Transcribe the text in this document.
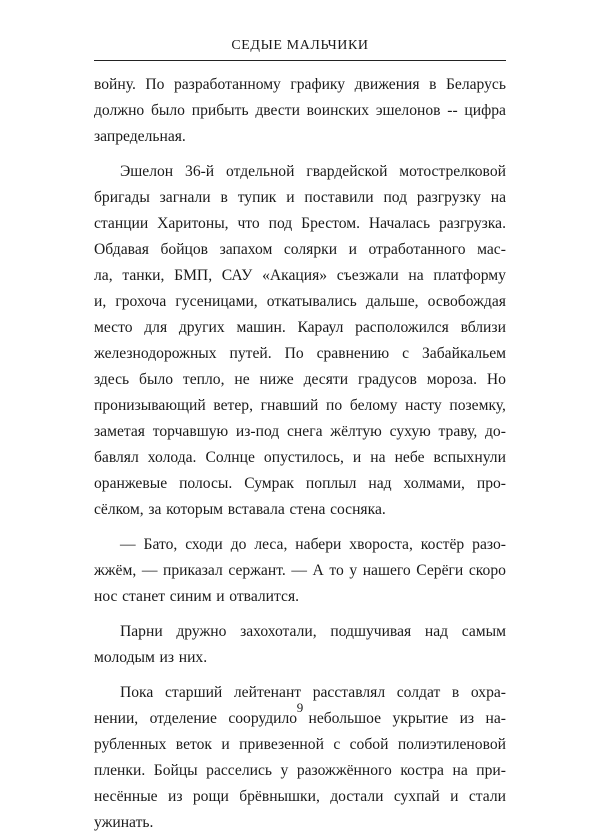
СЕДЫЕ МАЛЬЧИКИ
войну. По разработанному графику движения в Беларусь
должно было прибыть двести воинских эшелонов -- цифра
запредельная.
Эшелон 36-й отдельной гвардейской мотострелковой
бригады загнали в тупик и поставили под разгрузку на
станции Харитоны, что под Брестом. Началась разгрузка.
Обдавая бойцов запахом солярки и отработанного мас-
ла, танки, БМП, САУ «Акация» съезжали на платформу
и, грохоча гусеницами, откатывались дальше, освобождая
место для других машин. Караул расположился вблизи
железнодорожных путей. По сравнению с Забайкальем
здесь было тепло, не ниже десяти градусов мороза. Но
пронизывающий ветер, гнавший по белому насту поземку,
заметая торчавшую из-под снега жёлтую сухую траву, до-
бавлял холода. Солнце опустилось, и на небе вспыхнули
оранжевые полосы. Сумрак поплыл над холмами, про-
сёлком, за которым вставала стена сосняка.
— Бато, сходи до леса, набери хвороста, костёр разо-
жжём, — приказал сержант. — А то у нашего Серёги скоро
нос станет синим и отвалится.
Парни дружно захохотали, подшучивая над самым
молодым из них.
Пока старший лейтенант расставлял солдат в охра-
нении, отделение соорудило небольшое укрытие из на-
рубленных веток и привезенной с собой полиэтиленовой
пленки. Бойцы расселись у разожжённого костра на при-
несённые из рощи брёвнышки, достали сухпай и стали
ужинать.
9
